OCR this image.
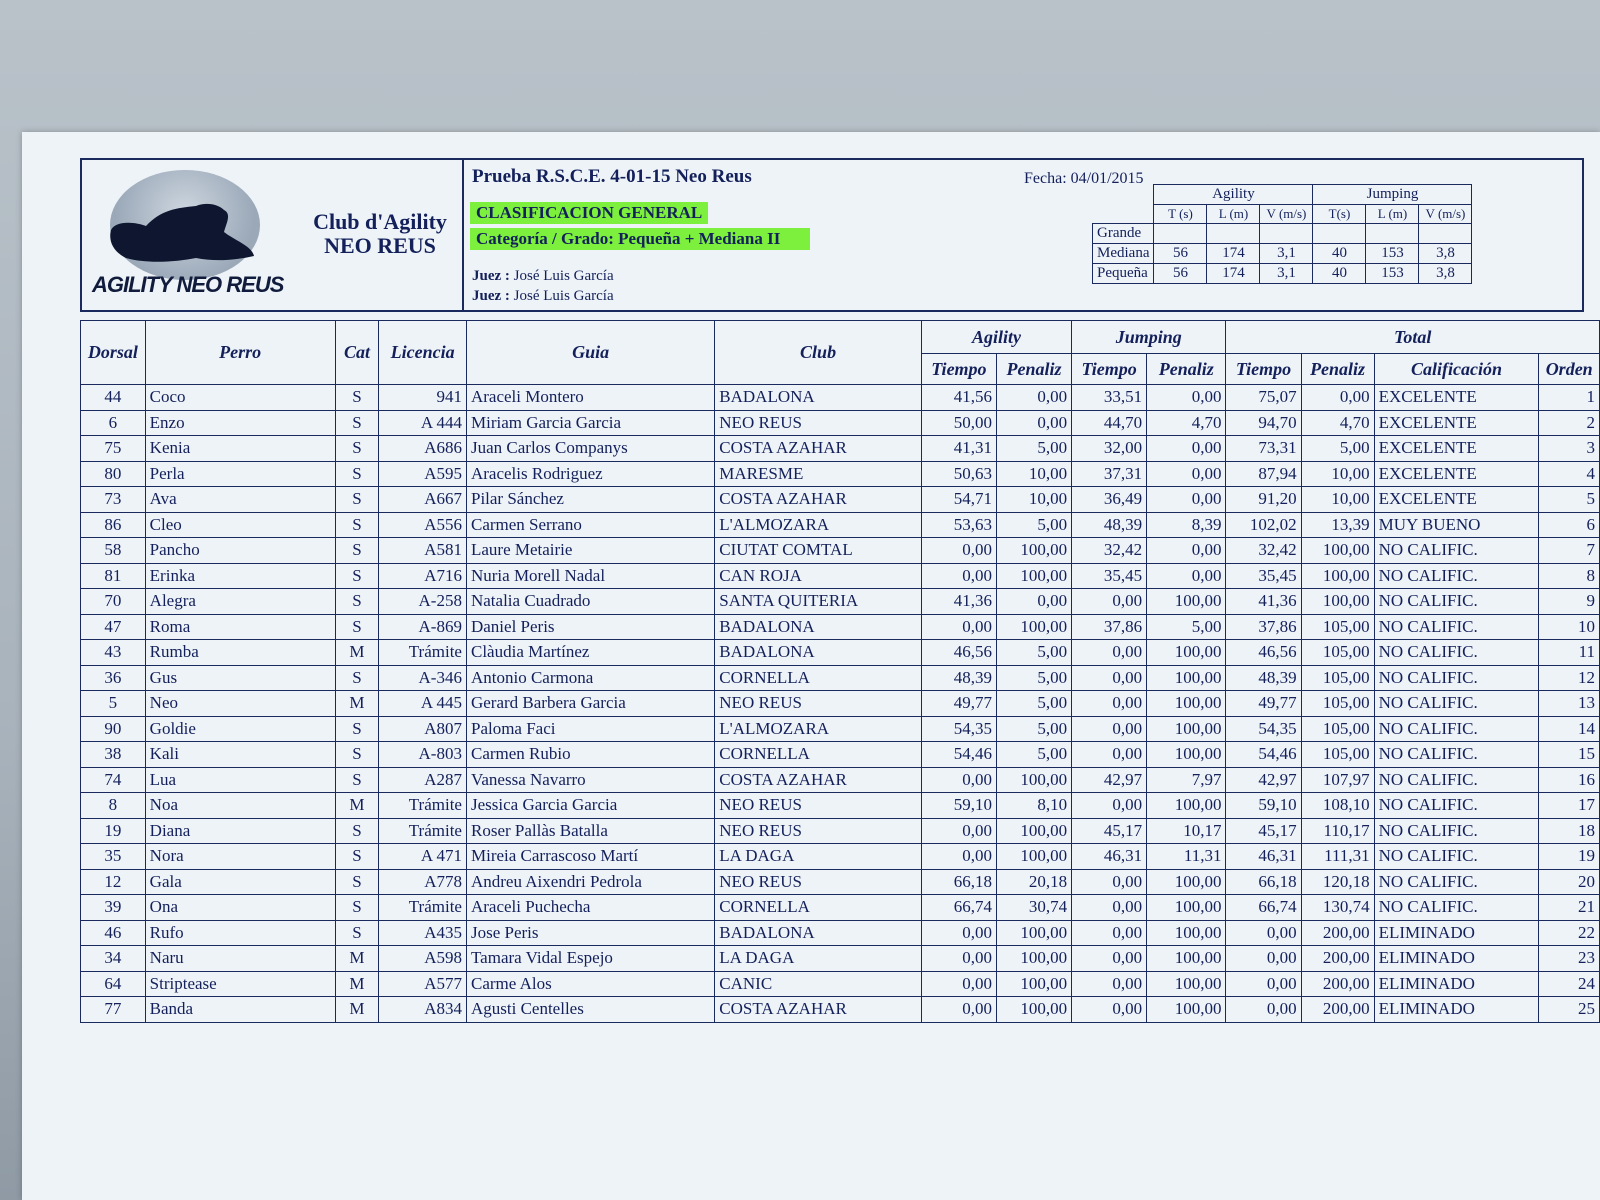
AGILITY NEO REUS
Club d'Agility
NEO REUS
Prueba R.S.C.E. 4-01-15 Neo Reus	Fecha: 04/01/2015
CLASIFICACION GENERAL
Categoría / Grado: Pequeña + Mediana II
Juez : José Luis García
Juez : José Luis García
	Agility			Jumping		
	T (s)	L (m)	V (m/s)	T(s)	L (m)	V (m/s)
Grande						
Mediana	56	174	3,1	40	153	3,8
Pequeña	56	174	3,1	40	153	3,8
Dorsal	Perro	Cat	Licencia	Guia	Club	Agility		Jumping		Total			
						Tiempo	Penaliz	Tiempo	Penaliz	Tiempo	Penaliz	Calificación	Orden
44	Coco	S	941	Araceli Montero	BADALONA	41,56	0,00	33,51	0,00	75,07	0,00	EXCELENTE	1
6	Enzo	S	A 444	Miriam Garcia Garcia	NEO REUS	50,00	0,00	44,70	4,70	94,70	4,70	EXCELENTE	2
75	Kenia	S	A686	Juan Carlos Companys	COSTA AZAHAR	41,31	5,00	32,00	0,00	73,31	5,00	EXCELENTE	3
80	Perla	S	A595	Aracelis Rodriguez	MARESME	50,63	10,00	37,31	0,00	87,94	10,00	EXCELENTE	4
73	Ava	S	A667	Pilar Sánchez	COSTA AZAHAR	54,71	10,00	36,49	0,00	91,20	10,00	EXCELENTE	5
86	Cleo	S	A556	Carmen Serrano	L'ALMOZARA	53,63	5,00	48,39	8,39	102,02	13,39	MUY BUENO	6
58	Pancho	S	A581	Laure Metairie	CIUTAT COMTAL	0,00	100,00	32,42	0,00	32,42	100,00	NO CALIFIC.	7
81	Erinka	S	A716	Nuria Morell Nadal	CAN ROJA	0,00	100,00	35,45	0,00	35,45	100,00	NO CALIFIC.	8
70	Alegra	S	A-258	Natalia Cuadrado	SANTA QUITERIA	41,36	0,00	0,00	100,00	41,36	100,00	NO CALIFIC.	9
47	Roma	S	A-869	Daniel Peris	BADALONA	0,00	100,00	37,86	5,00	37,86	105,00	NO CALIFIC.	10
43	Rumba	M	Trámite	Clàudia Martínez	BADALONA	46,56	5,00	0,00	100,00	46,56	105,00	NO CALIFIC.	11
36	Gus	S	A-346	Antonio Carmona	CORNELLA	48,39	5,00	0,00	100,00	48,39	105,00	NO CALIFIC.	12
5	Neo	M	A 445	Gerard Barbera Garcia	NEO REUS	49,77	5,00	0,00	100,00	49,77	105,00	NO CALIFIC.	13
90	Goldie	S	A807	Paloma Faci	L'ALMOZARA	54,35	5,00	0,00	100,00	54,35	105,00	NO CALIFIC.	14
38	Kali	S	A-803	Carmen Rubio	CORNELLA	54,46	5,00	0,00	100,00	54,46	105,00	NO CALIFIC.	15
74	Lua	S	A287	Vanessa Navarro	COSTA AZAHAR	0,00	100,00	42,97	7,97	42,97	107,97	NO CALIFIC.	16
8	Noa	M	Trámite	Jessica Garcia Garcia	NEO REUS	59,10	8,10	0,00	100,00	59,10	108,10	NO CALIFIC.	17
19	Diana	S	Trámite	Roser Pallàs Batalla	NEO REUS	0,00	100,00	45,17	10,17	45,17	110,17	NO CALIFIC.	18
35	Nora	S	A 471	Mireia Carrascoso Martí	LA DAGA	0,00	100,00	46,31	11,31	46,31	111,31	NO CALIFIC.	19
12	Gala	S	A778	Andreu Aixendri Pedrola	NEO REUS	66,18	20,18	0,00	100,00	66,18	120,18	NO CALIFIC.	20
39	Ona	S	Trámite	Araceli Puchecha	CORNELLA	66,74	30,74	0,00	100,00	66,74	130,74	NO CALIFIC.	21
46	Rufo	S	A435	Jose Peris	BADALONA	0,00	100,00	0,00	100,00	0,00	200,00	ELIMINADO	22
34	Naru	M	A598	Tamara Vidal Espejo	LA DAGA	0,00	100,00	0,00	100,00	0,00	200,00	ELIMINADO	23
64	Striptease	M	A577	Carme Alos	CANIC	0,00	100,00	0,00	100,00	0,00	200,00	ELIMINADO	24
77	Banda	M	A834	Agusti Centelles	COSTA AZAHAR	0,00	100,00	0,00	100,00	0,00	200,00	ELIMINADO	25
